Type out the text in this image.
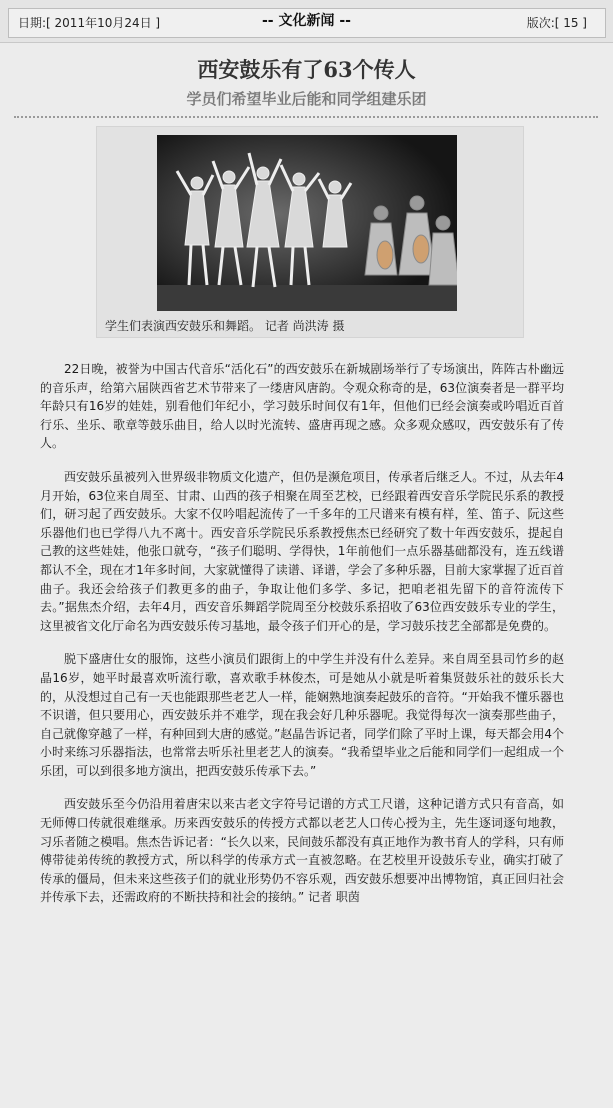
日期:[ 2011年10月24日 ]	-- 文化新闻 --	版次:[ 15 ]
西安鼓乐有了63个传人
学员们希望毕业后能和同学组建乐团
学生们表演西安鼓乐和舞蹈。 记者 尚洪涛 摄

22日晚，被誉为中国古代音乐“活化石”的西安鼓乐在新城剧场举行了专场演出，阵阵古朴幽远的音乐声，给第六届陕西省艺术节带来了一缕唐风唐韵。令观众称奇的是，63位演奏者是一群平均年龄只有16岁的娃娃，别看他们年纪小，学习鼓乐时间仅有1年，但他们已经会演奏或吟唱近百首行乐、坐乐、歌章等鼓乐曲目，给人以时光流转、盛唐再现之感。众多观众感叹，西安鼓乐有了传人。

西安鼓乐虽被列入世界级非物质文化遗产，但仍是濒危项目，传承者后继乏人。不过，从去年4月开始，63位来自周至、甘肃、山西的孩子相聚在周至艺校，已经跟着西安音乐学院民乐系的教授们，研习起了西安鼓乐。大家不仅吟唱起流传了一千多年的工尺谱来有模有样，笙、笛子、阮这些乐器他们也已学得八九不离十。西安音乐学院民乐系教授焦杰已经研究了数十年西安鼓乐，提起自己教的这些娃娃，他张口就夸，“孩子们聪明、学得快，1年前他们一点乐器基础都没有，连五线谱都认不全，现在才1年多时间，大家就懂得了读谱、译谱，学会了多种乐器，目前大家掌握了近百首曲子。我还会给孩子们教更多的曲子，争取让他们多学、多记，把咱老祖先留下的音符流传下去。”据焦杰介绍，去年4月，西安音乐舞蹈学院周至分校鼓乐系招收了63位西安鼓乐专业的学生，这里被省文化厅命名为西安鼓乐传习基地，最令孩子们开心的是，学习鼓乐技艺全部都是免费的。

脱下盛唐仕女的服饰，这些小演员们跟街上的中学生并没有什么差异。来自周至县司竹乡的赵晶16岁，她平时最喜欢听流行歌，喜欢歌手林俊杰，可是她从小就是听着集贤鼓乐社的鼓乐长大的，从没想过自己有一天也能跟那些老艺人一样，能娴熟地演奏起鼓乐的音符。“开始我不懂乐器也不识谱，但只要用心，西安鼓乐并不难学，现在我会好几种乐器呢。我觉得每次一演奏那些曲子，自己就像穿越了一样，有种回到大唐的感觉。”赵晶告诉记者，同学们除了平时上课，每天都会用4个小时来练习乐器指法，也常常去听乐社里老艺人的演奏。“我希望毕业之后能和同学们一起组成一个乐团，可以到很多地方演出，把西安鼓乐传承下去。”

西安鼓乐至今仍沿用着唐宋以来古老文字符号记谱的方式工尺谱，这种记谱方式只有音高，如无师傅口传就很难继承。历来西安鼓乐的传授方式都以老艺人口传心授为主，先生逐词逐句地教，习乐者随之模唱。焦杰告诉记者：“长久以来，民间鼓乐都没有真正地作为教书育人的学科，只有师傅带徒弟传统的教授方式，所以科学的传承方式一直被忽略。在艺校里开设鼓乐专业，确实打破了传承的僵局，但未来这些孩子们的就业形势仍不容乐观，西安鼓乐想要冲出博物馆，真正回归社会并传承下去，还需政府的不断扶持和社会的接纳。” 记者 职茵
